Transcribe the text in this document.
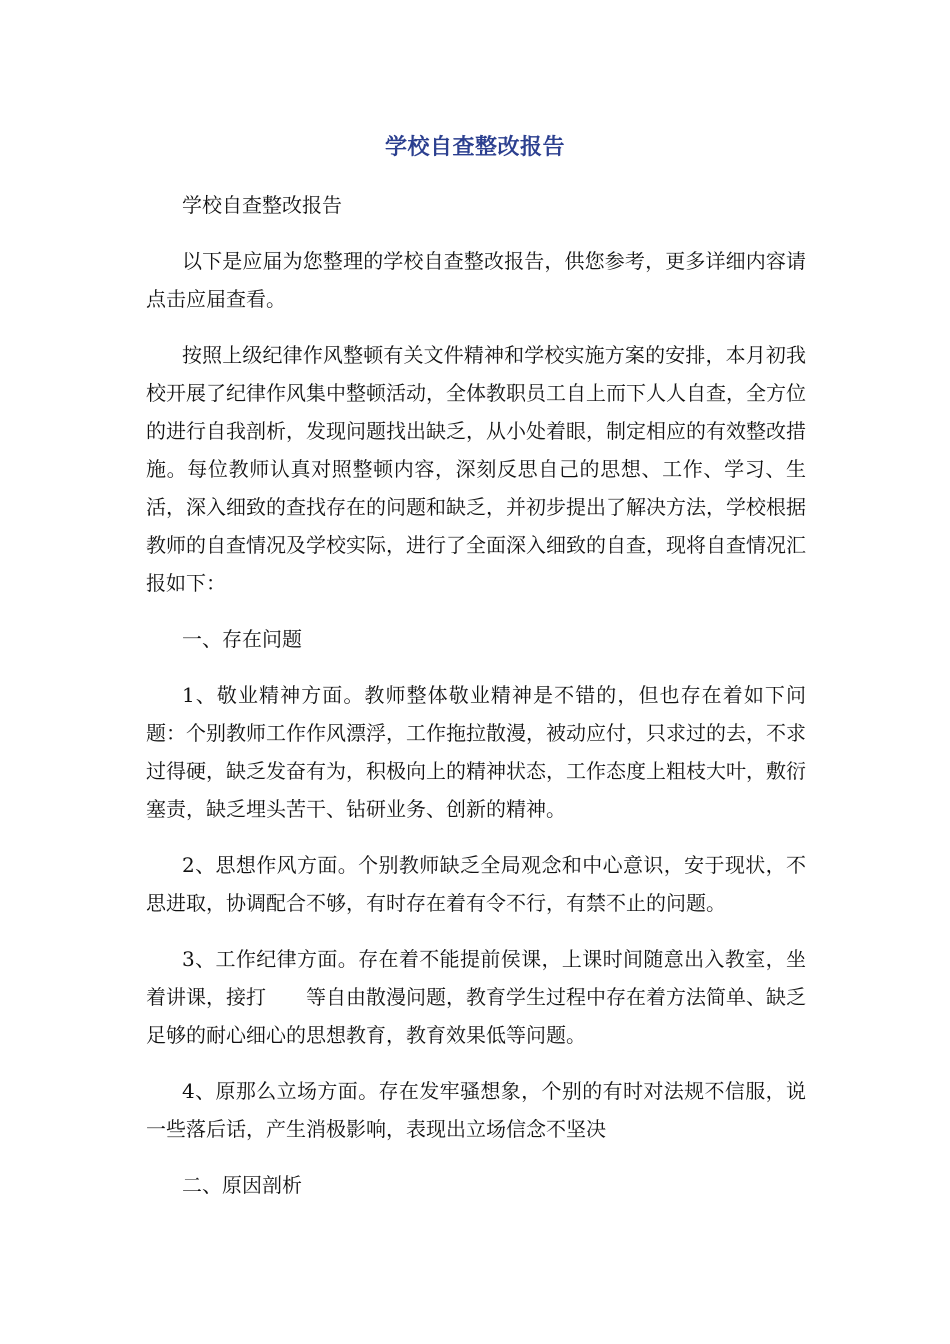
学校自查整改报告

学校自查整改报告

以下是应届为您整理的学校自查整改报告，供您参考，更多详细内容请点击应届查看。

按照上级纪律作风整顿有关文件精神和学校实施方案的安排，本月初我校开展了纪律作风集中整顿活动，全体教职员工自上而下人人自查，全方位的进行自我剖析，发现问题找出缺乏，从小处着眼，制定相应的有效整改措施。每位教师认真对照整顿内容，深刻反思自己的思想、工作、学习、生活，深入细致的查找存在的问题和缺乏，并初步提出了解决方法，学校根据教师的自查情况及学校实际，进行了全面深入细致的自查，现将自查情况汇报如下：

一、存在问题

1、敬业精神方面。教师整体敬业精神是不错的，但也存在着如下问题：个别教师工作作风漂浮，工作拖拉散漫，被动应付，只求过的去，不求过得硬，缺乏发奋有为，积极向上的精神状态，工作态度上粗枝大叶，敷衍塞责，缺乏埋头苦干、钻研业务、创新的精神。

2、思想作风方面。个别教师缺乏全局观念和中心意识，安于现状，不思进取，协调配合不够，有时存在着有令不行，有禁不止的问题。

3、工作纪律方面。存在着不能提前侯课，上课时间随意出入教室，坐着讲课，接打　　等自由散漫问题，教育学生过程中存在着方法简单、缺乏足够的耐心细心的思想教育，教育效果低等问题。

4、原那么立场方面。存在发牢骚想象，个别的有时对法规不信服，说一些落后话，产生消极影响，表现出立场信念不坚决

二、原因剖析
